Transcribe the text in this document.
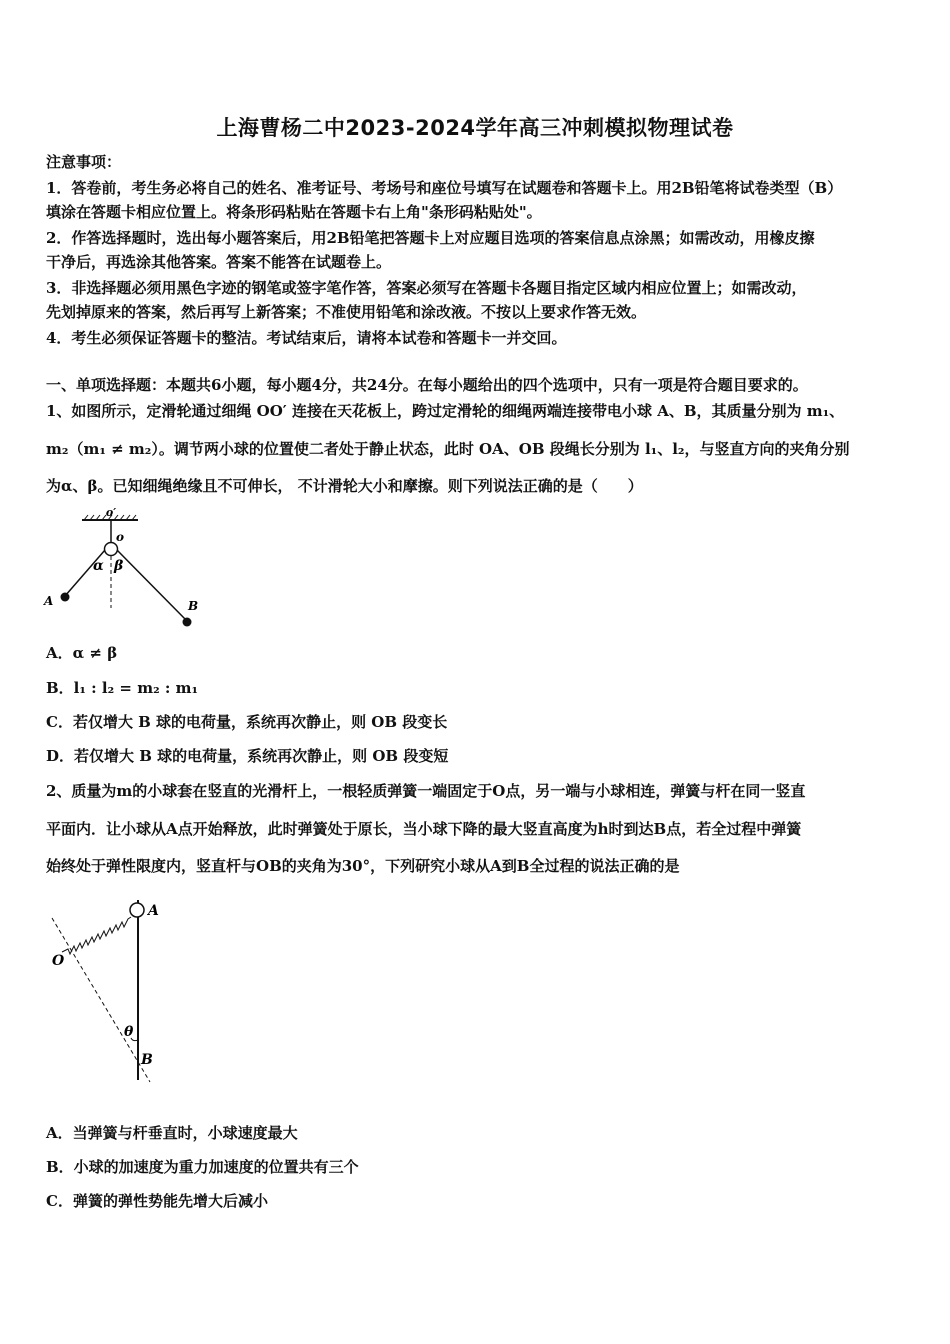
上海曹杨二中2023-2024学年高三冲刺模拟物理试卷
注意事项：
1．答卷前，考生务必将自己的姓名、准考证号、考场号和座位号填写在试题卷和答题卡上。用2B铅笔将试卷类型（B）
填涂在答题卡相应位置上。将条形码粘贴在答题卡右上角"条形码粘贴处"。
2．作答选择题时，选出每小题答案后，用2B铅笔把答题卡上对应题目选项的答案信息点涂黑；如需改动，用橡皮擦
干净后，再选涂其他答案。答案不能答在试题卷上。
3．非选择题必须用黑色字迹的钢笔或签字笔作答，答案必须写在答题卡各题目指定区域内相应位置上；如需改动，
先划掉原来的答案，然后再写上新答案；不准使用铅笔和涂改液。不按以上要求作答无效。
4．考生必须保证答题卡的整洁。考试结束后，请将本试卷和答题卡一并交回。
一、单项选择题：本题共6小题，每小题4分，共24分。在每小题给出的四个选项中，只有一项是符合题目要求的。
1、如图所示，定滑轮通过细绳 OO′ 连接在天花板上，跨过定滑轮的细绳两端连接带电小球 A、B，其质量分别为 m₁、
m₂（m₁ ≠ m₂）。调节两小球的位置使二者处于静止状态，此时 OA、OB 段绳长分别为 l₁、l₂，与竖直方向的夹角分别
为α、β。已知细绳绝缘且不可伸长， 不计滑轮大小和摩擦。则下列说法正确的是（　　）
o′
o
α β
A	B
A．α ≠ β
B．l₁ : l₂ = m₂ : m₁
C．若仅增大 B 球的电荷量，系统再次静止，则 OB 段变长
D．若仅增大 B 球的电荷量，系统再次静止，则 OB 段变短
2、质量为m的小球套在竖直的光滑杆上，一根轻质弹簧一端固定于O点，另一端与小球相连，弹簧与杆在同一竖直
平面内．让小球从A点开始释放，此时弹簧处于原长，当小球下降的最大竖直高度为h时到达B点，若全过程中弹簧
始终处于弹性限度内，竖直杆与OB的夹角为30°，下列研究小球从A到B全过程的说法正确的是
A
O
θ
B
A．当弹簧与杆垂直时，小球速度最大
B．小球的加速度为重力加速度的位置共有三个
C．弹簧的弹性势能先增大后减小
